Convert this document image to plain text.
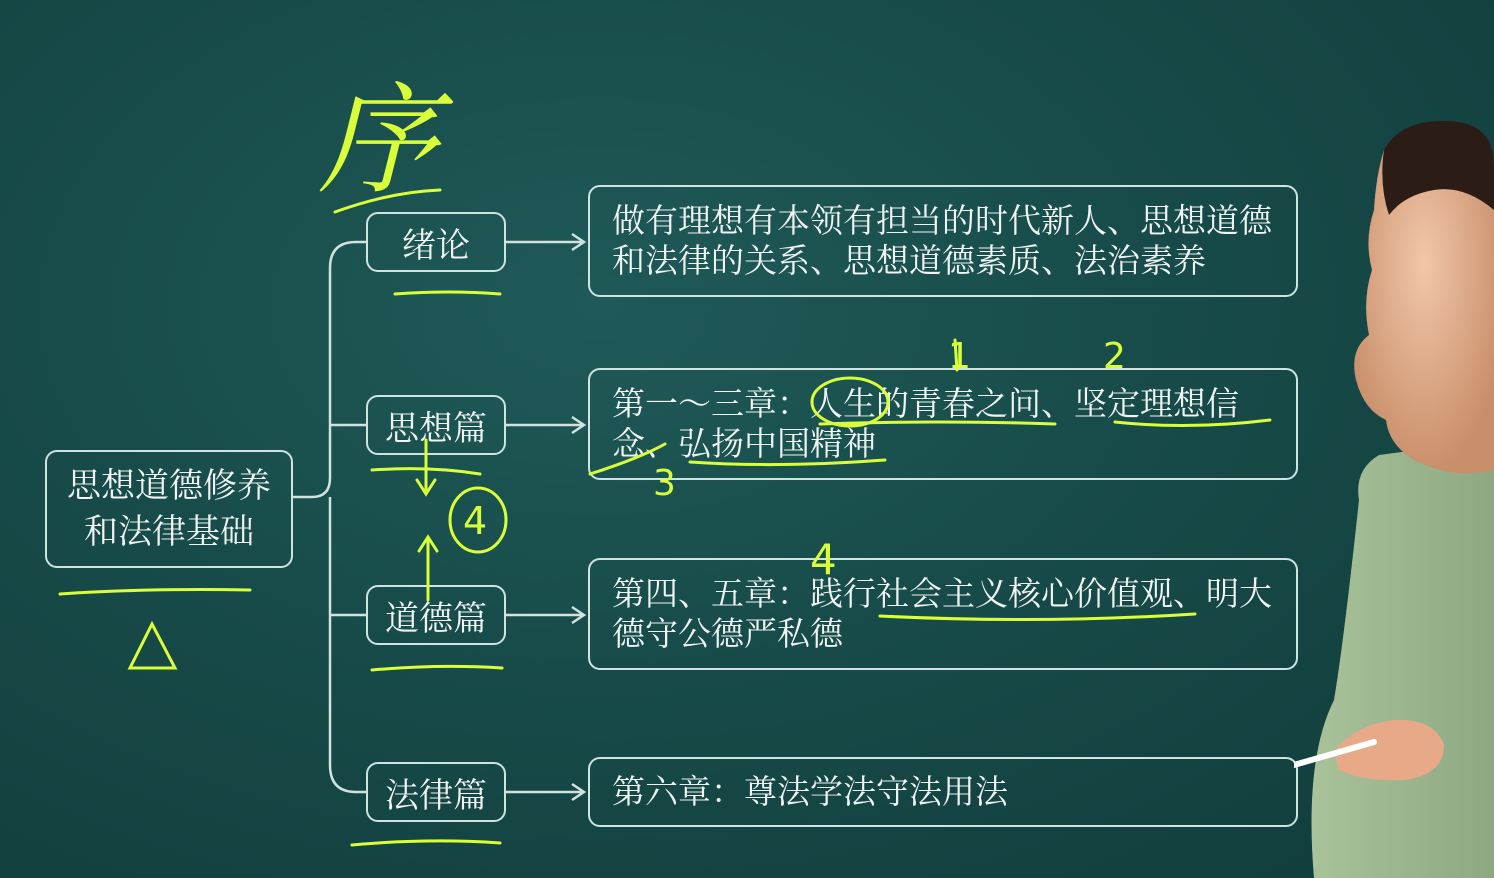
思想道德修养
和法律基础
绪论
思想篇
道德篇
法律篇
做有理想有本领有担当的时代新人、思想道德和法律的关系、思想道德素质、法治素养
第一～三章：人生的青春之问、坚定理想信念、弘扬中国精神
第四、五章：践行社会主义核心价值观、明大德守公德严私德
第六章：尊法学法守法用法
序
4
1	2
3
4
